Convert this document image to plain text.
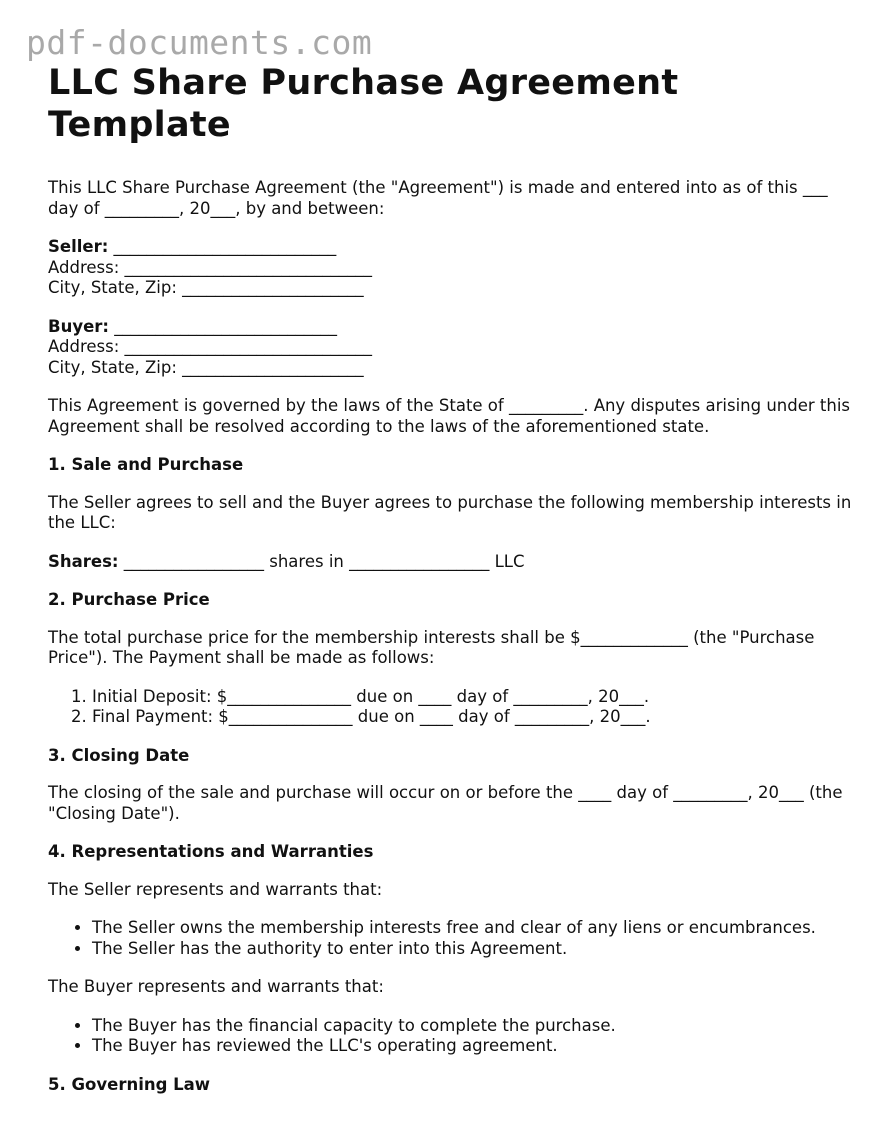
pdf-documents.com
LLC Share Purchase Agreement Template

This LLC Share Purchase Agreement (the "Agreement") is made and entered into as of this ___ day of _________, 20___, by and between:

Seller: ___________________________
Address: ______________________________
City, State, Zip: ______________________
Buyer: ___________________________
Address: ______________________________
City, State, Zip: ______________________

This Agreement is governed by the laws of the State of _________. Any disputes arising under this Agreement shall be resolved according to the laws of the aforementioned state.

1. Sale and Purchase

The Seller agrees to sell and the Buyer agrees to purchase the following membership interests in the LLC:

Shares: _________________ shares in _________________ LLC

2. Purchase Price

The total purchase price for the membership interests shall be $_____________ (the "Purchase Price"). The Payment shall be made as follows:

1. Initial Deposit: $_______________ due on ____ day of _________, 20___.
2. Final Payment: $_______________ due on ____ day of _________, 20___.
3. Closing Date

The closing of the sale and purchase will occur on or before the ____ day of _________, 20___ (the "Closing Date").

4. Representations and Warranties

The Seller represents and warrants that:

• The Seller owns the membership interests free and clear of any liens or encumbrances.
• The Seller has the authority to enter into this Agreement.

The Buyer represents and warrants that:

• The Buyer has the financial capacity to complete the purchase.
• The Buyer has reviewed the LLC's operating agreement.
5. Governing Law
